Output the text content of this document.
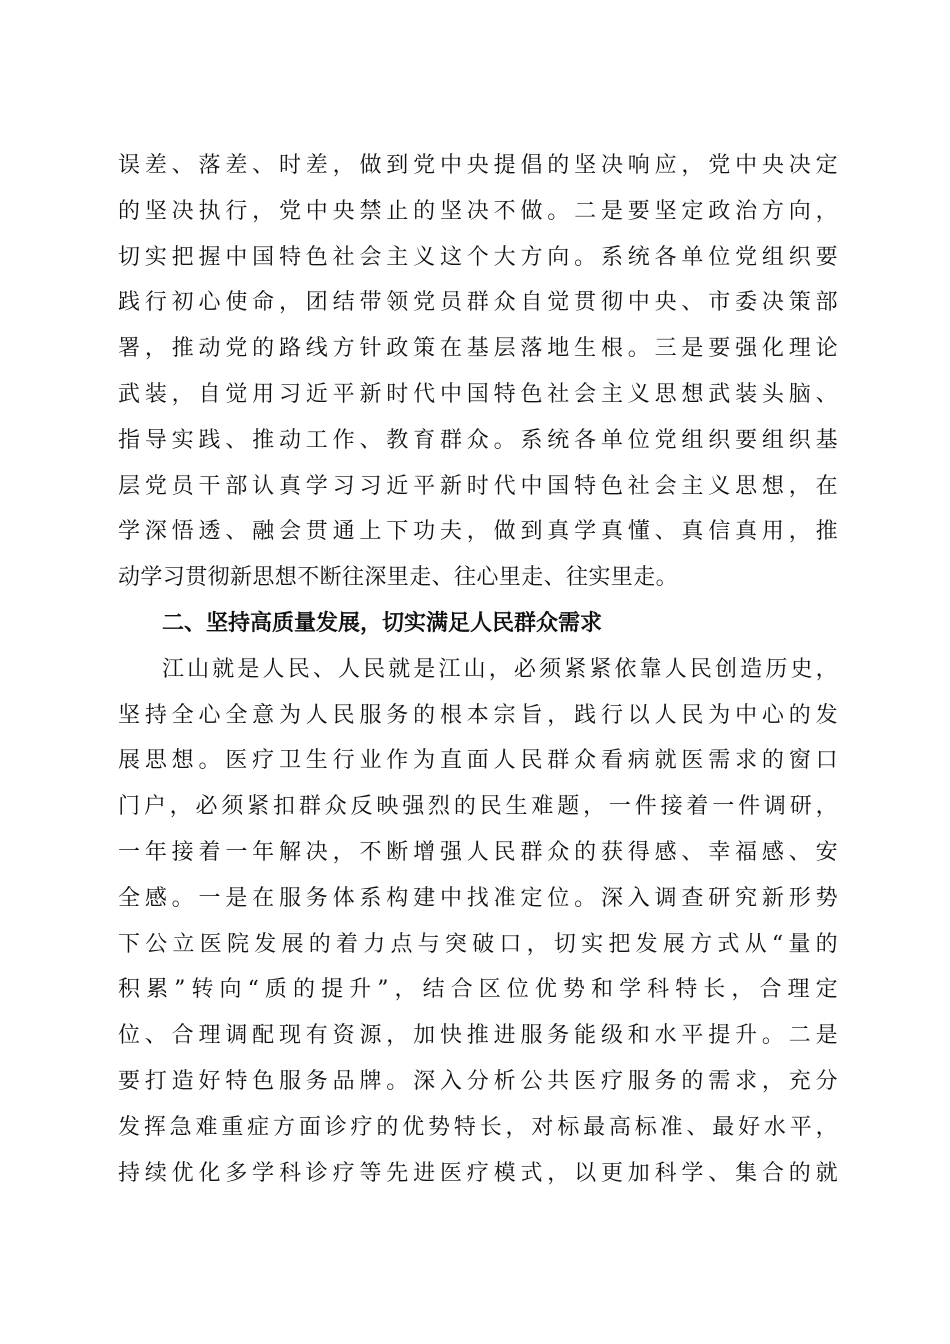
误差、落差、时差，做到党中央提倡的坚决响应，党中央决定
的坚决执行，党中央禁止的坚决不做。二是要坚定政治方向，
切实把握中国特色社会主义这个大方向。系统各单位党组织要
践行初心使命，团结带领党员群众自觉贯彻中央、市委决策部
署，推动党的路线方针政策在基层落地生根。三是要强化理论
武装，自觉用习近平新时代中国特色社会主义思想武装头脑、
指导实践、推动工作、教育群众。系统各单位党组织要组织基
层党员干部认真学习习近平新时代中国特色社会主义思想，在
学深悟透、融会贯通上下功夫，做到真学真懂、真信真用，推
动学习贯彻新思想不断往深里走、往心里走、往实里走。
二、坚持高质量发展，切实满足人民群众需求
江山就是人民、人民就是江山，必须紧紧依靠人民创造历史，
坚持全心全意为人民服务的根本宗旨，践行以人民为中心的发
展思想。医疗卫生行业作为直面人民群众看病就医需求的窗口
门户，必须紧扣群众反映强烈的民生难题，一件接着一件调研，
一年接着一年解决，不断增强人民群众的获得感、幸福感、安
全感。一是在服务体系构建中找准定位。深入调查研究新形势
下公立医院发展的着力点与突破口，切实把发展方式从“量的
积累”转向“质的提升”，结合区位优势和学科特长，合理定
位、合理调配现有资源，加快推进服务能级和水平提升。二是
要打造好特色服务品牌。深入分析公共医疗服务的需求，充分
发挥急难重症方面诊疗的优势特长，对标最高标准、最好水平，
持续优化多学科诊疗等先进医疗模式，以更加科学、集合的就
